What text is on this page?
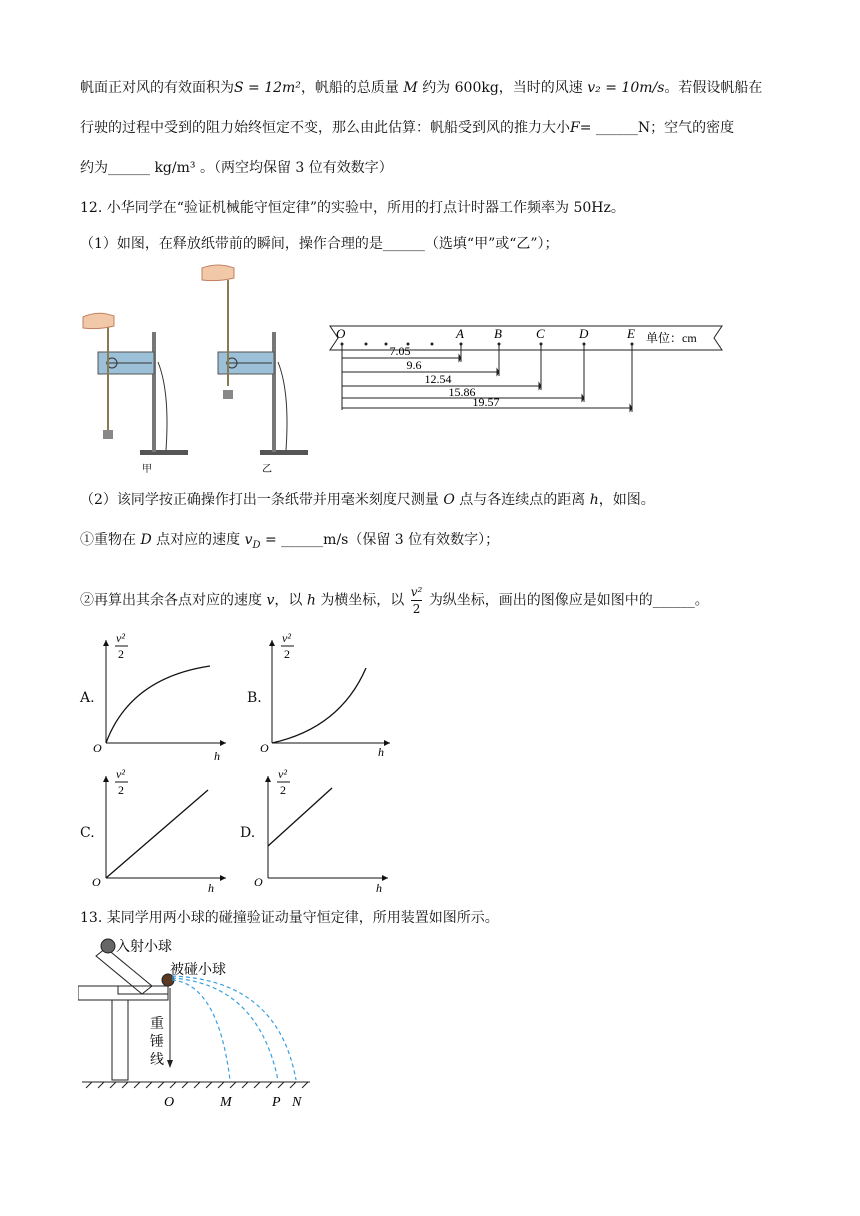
帆面正对风的有效面积为S = 12m²，帆船的总质量 M 约为 600kg，当时的风速 v₂ = 10m/s。若假设帆船在
行驶的过程中受到的阻力始终恒定不变，那么由此估算：帆船受到风的推力大小F= ______N；空气的密度
约为______ kg/m³ 。（两空均保留 3 位有效数字）
12. 小华同学在“验证机械能守恒定律”的实验中，所用的打点计时器工作频率为 50Hz。
（1）如图，在释放纸带前的瞬间，操作合理的是______（选填“甲”或“乙”）；
甲	乙
O	A B	C	D	E 单位：cm
7.05
9.6
12.54
15.86
19.57
（2）该同学按正确操作打出一条纸带并用毫米刻度尺测量 O 点与各连续点的距离 h，如图。
①重物在 D 点对应的速度 $v_D$ = ______m/s（保留 3 位有效数字）；
②再算出其余各点对应的速度 v，以 h 为横坐标，以 $\frac{\text{v²}}{2}$ 为纵坐标，画出的图像应是如图中的______。
A.	B.
C.	D.
v²
2
h
O
v²
2
h
O
v²
2
h
O
v²
2
h
O
13. 某同学用两小球的碰撞验证动量守恒定律，所用装置如图所示。
入射小球
被碰小球
重
锤
线
O	M	P N
